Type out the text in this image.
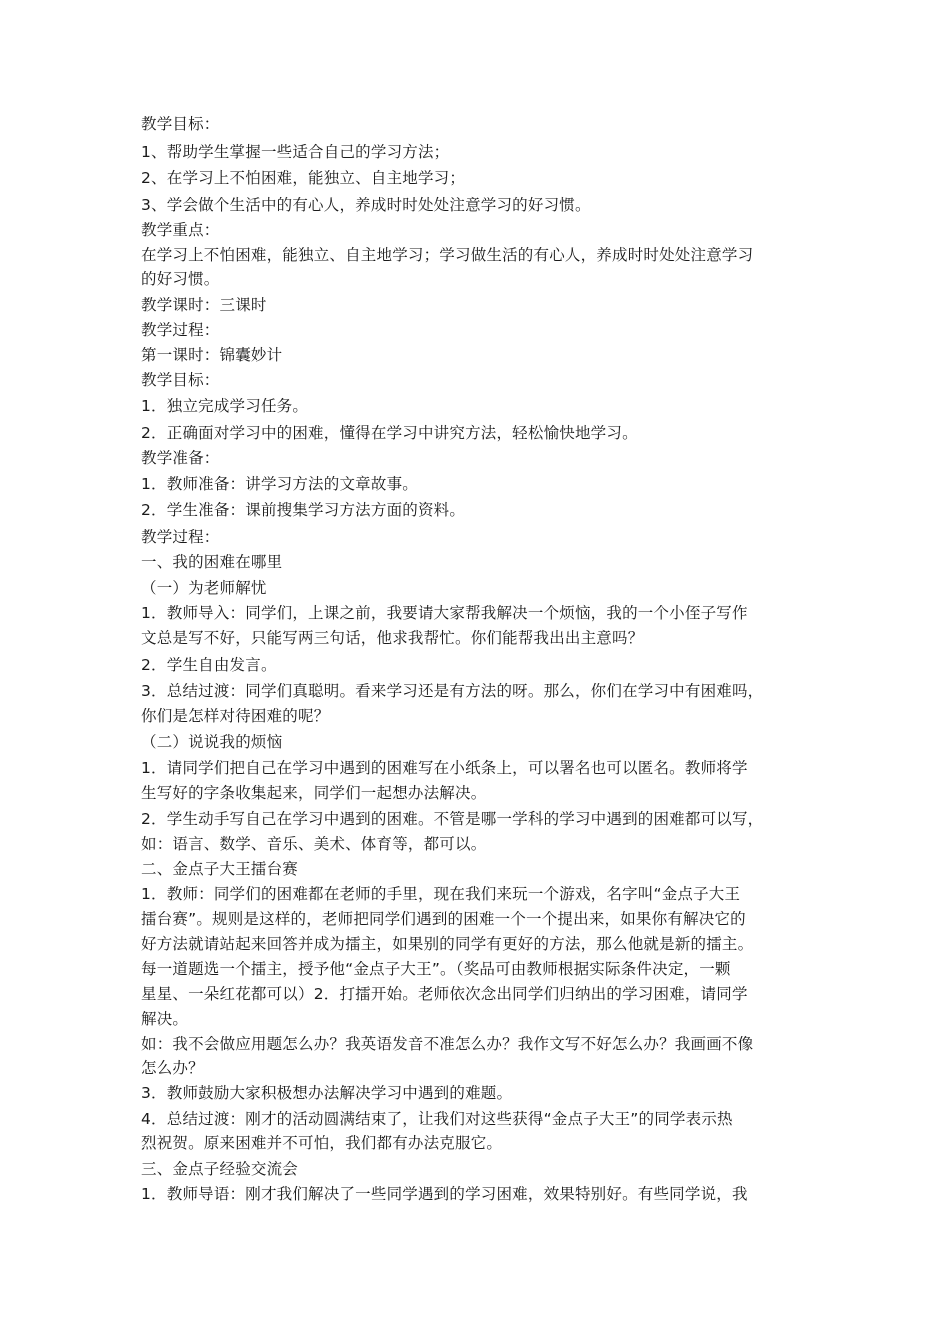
教学目标：
1、帮助学生掌握一些适合自己的学习方法；
2、在学习上不怕困难，能独立、自主地学习；
3、学会做个生活中的有心人，养成时时处处注意学习的好习惯。
教学重点：
在学习上不怕困难，能独立、自主地学习；学习做生活的有心人，养成时时处处注意学习
的好习惯。
教学课时：三课时
教学过程：
第一课时：锦囊妙计
教学目标：
1．独立完成学习任务。
2．正确面对学习中的困难，懂得在学习中讲究方法，轻松愉快地学习。
教学准备：
1．教师准备：讲学习方法的文章故事。
2．学生准备：课前搜集学习方法方面的资料。
教学过程：
一、我的困难在哪里
（一）为老师解忧
1．教师导入：同学们，上课之前，我要请大家帮我解决一个烦恼，我的一个小侄子写作
文总是写不好，只能写两三句话，他求我帮忙。你们能帮我出出主意吗？
2．学生自由发言。
3．总结过渡：同学们真聪明。看来学习还是有方法的呀。那么，你们在学习中有困难吗，
你们是怎样对待困难的呢？
（二）说说我的烦恼
1．请同学们把自己在学习中遇到的困难写在小纸条上，可以署名也可以匿名。教师将学
生写好的字条收集起来，同学们一起想办法解决。
2．学生动手写自己在学习中遇到的困难。不管是哪一学科的学习中遇到的困难都可以写，
如：语言、数学、音乐、美术、体育等，都可以。
二、金点子大王擂台赛
1．教师：同学们的困难都在老师的手里，现在我们来玩一个游戏，名字叫“金点子大王
擂台赛”。规则是这样的，老师把同学们遇到的困难一个一个提出来，如果你有解决它的
好方法就请站起来回答并成为擂主，如果别的同学有更好的方法，那么他就是新的擂主。
每一道题选一个擂主，授予他“金点子大王”。（奖品可由教师根据实际条件决定，一颗
星星、一朵红花都可以）2．打擂开始。老师依次念出同学们归纳出的学习困难，请同学
解决。
如：我不会做应用题怎么办？我英语发音不准怎么办？我作文写不好怎么办？我画画不像
怎么办？
3．教师鼓励大家积极想办法解决学习中遇到的难题。
4．总结过渡：刚才的活动圆满结束了，让我们对这些获得“金点子大王”的同学表示热
烈祝贺。原来困难并不可怕，我们都有办法克服它。
三、金点子经验交流会
1．教师导语：刚才我们解决了一些同学遇到的学习困难，效果特别好。有些同学说，我
